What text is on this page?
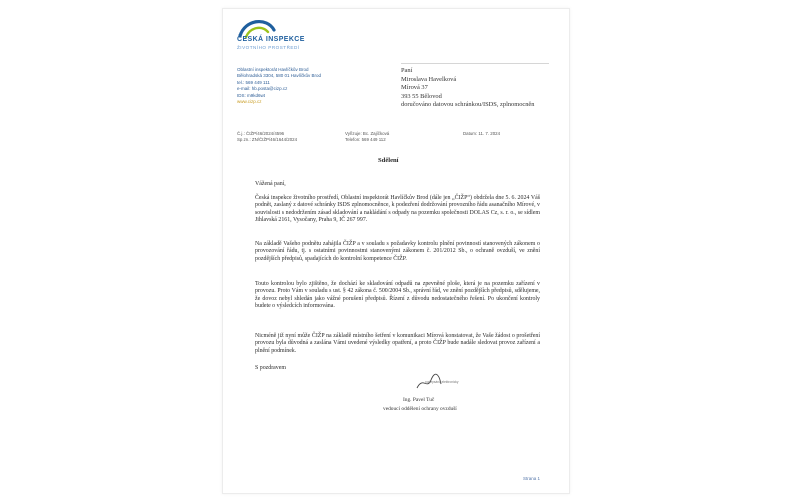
ČESKÁ INSPEKCE
ŽIVOTNÍHO PROSTŘEDÍ
Oblastní inspektorát Havlíčkův Brod
Bělohradská 3304, 580 01 Havlíčkův Brod
tel.: 569 449 111
e-mail: hb.posta@cizp.cz
IDS: m9kd6wt
www.cizp.cz
Paní
Miroslava Havelková
Mírová 37
393 55 Bělovod
doručováno datovou schránkou/ISDS, zplnomocněn
Č.j.: ČIŽP/46/2024/4596
Sp.zn.: ZN/ČIŽP/46/1644/2024
Vyřizuje: Bc. Zajíčková
Telefon: 569 449 112
Datum: 11. 7. 2024
Sdělení
Vážená paní,
Česká inspekce životního prostředí, Oblastní inspektorát Havlíčkův Brod (dále jen „ČIŽP“) obdržela dne 5. 6. 2024 Váš podnět, zaslaný z datové schránky ISDS zplnomocněnce, k podezření dodržování provozního řádu asanačního Mírové, v souvislosti s nedodržením zásad skladování a nakládání s odpady na pozemku společnosti DOLAS Cz, s. r. o., se sídlem Jihlavská 2161, Vysočany, Praha 9, IČ 267 997.
Na základě Vašeho podnětu zahájila ČIŽP a v souladu s požadavky kontrolu plnění povinností stanovených zákonem o provozování řádu, tj. s ostatními povinnostmi stanovenými zákonem č. 201/2012 Sb., o ochraně ovzduší, ve znění pozdějších předpisů, spadajících do kontrolní kompetence ČIŽP.
Touto kontrolou bylo zjištěno, že dochází ke skladování odpadů na zpevněné ploše, která je na pozemku zařízení v provozu. Proto Vám v souladu s ust. § 42 zákona č. 500/2004 Sb., správní řád, ve znění pozdějších předpisů, sdělujeme, že dovoz nebyl shledán jako vážné porušení předpisů. Řízení z důvodu nedostatečného řešení. Po ukončení kontroly budete o výsledcích informována.
Nicméně již nyní může ČIŽP na základě místního šetření v komunikaci Mírová konstatovat, že Vaše žádost o prošetření provozu byla důvodná a zaslána Vámi uvedené výsledky opatření, a proto ČIŽP bude nadále sledovat provoz zařízení a plnění podmínek.
S pozdravem
podepsáno elektronicky
Ing. Pavel Tuč
vedoucí oddělení ochrany ovzduší
Strana 1
